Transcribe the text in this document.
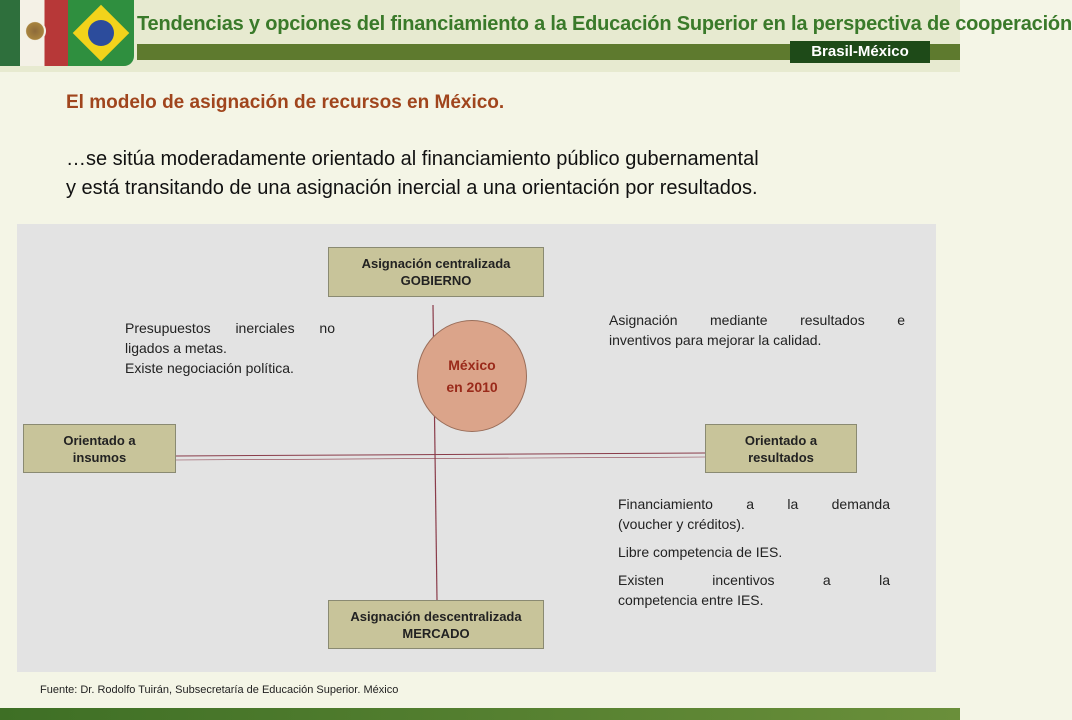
Tendencias y opciones del financiamiento a la Educación Superior en la perspectiva de cooperación
Brasil-México
El modelo de asignación de recursos en México.
…se sitúa moderadamente orientado al financiamiento público gubernamental
y está transitando de una asignación inercial a una orientación por resultados.
Asignación centralizada
GOBIERNO
Asignación descentralizada
MERCADO
Orientado a
insumos
Orientado a
resultados
México
en 2010
Presupuestos inerciales no
ligados a metas.
Existe negociación política.
Asignación mediante resultados e
inventivos para mejorar la calidad.

Financiamiento a la demanda
(voucher y créditos).

Libre competencia de IES.

Existen incentivos a la
competencia entre IES.

Fuente: Dr. Rodolfo Tuirán, Subsecretaría de Educación Superior. México
